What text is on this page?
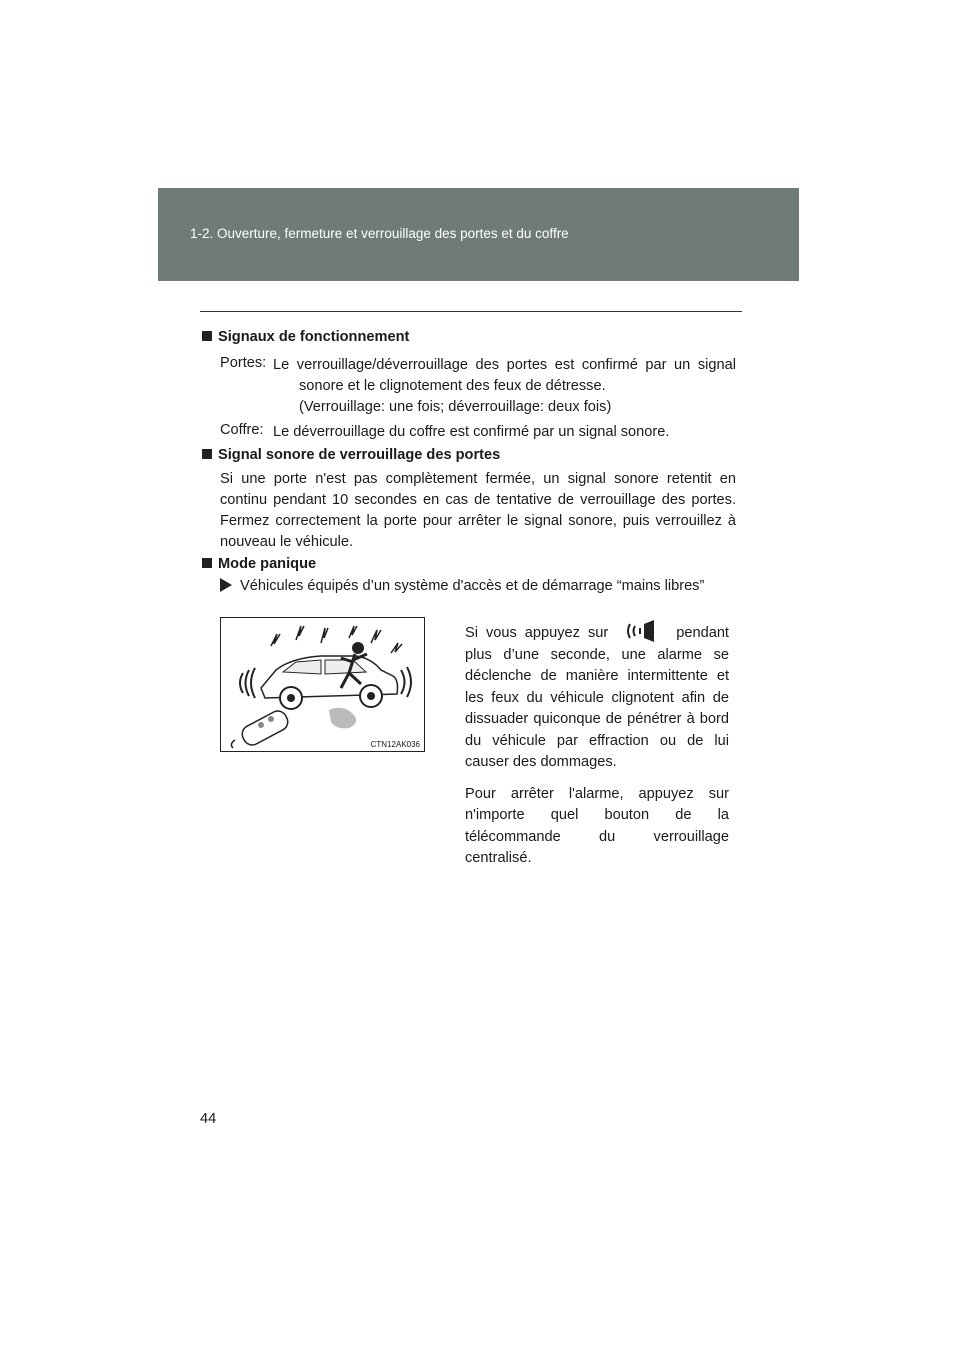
1-2. Ouverture, fermeture et verrouillage des portes et du coffre
Signaux de fonctionnement
Portes: Le verrouillage/déverrouillage des portes est confirmé par un signal
sonore et le clignotement des feux de détresse.
(Verrouillage: une fois; déverrouillage: deux fois)
Coffre: Le déverrouillage du coffre est confirmé par un signal sonore.
Signal sonore de verrouillage des portes
Si une porte n'est pas complètement fermée, un signal sonore retentit en continu pendant 10 secondes en cas de tentative de verrouillage des portes. Fermez correctement la porte pour arrêter le signal sonore, puis verrouillez à nouveau le véhicule.
Mode panique
Véhicules équipés d’un système d'accès et de démarrage “mains libres”
CTN12AK036

Si vous appuyez sur	pendant plus d’une seconde, une alarme se déclenche de manière intermittente et les feux du véhicule clignotent afin de dissuader quiconque de pénétrer à bord du véhicule par effraction ou de lui causer des dommages.

Pour arrêter l'alarme, appuyez sur n'importe quel bouton de la télécommande du verrouillage centralisé.

44
